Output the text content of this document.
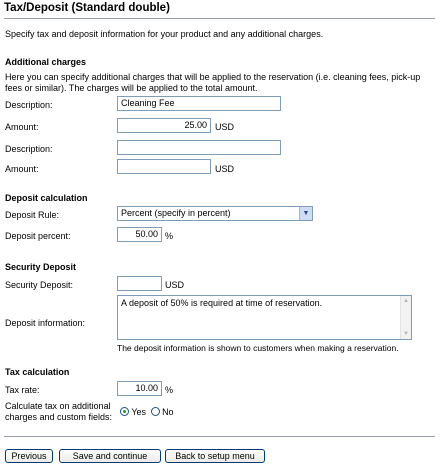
Tax/Deposit (Standard double)
Specify tax and deposit information for your product and any additional charges.
Additional charges
Here you can specify additional charges that will be applied to the reservation (i.e. cleaning fees, pick-up fees or similar). The charges will be applied to the total amount.
Description:	Cleaning Fee
Amount:	25.00 USD
Description:
Amount:	USD
Deposit calculation
Deposit Rule:	Percent (specify in percent)	▼
Deposit percent:	50.00 %
Security Deposit
Security Deposit:	USD
Deposit information:
A deposit of 50% is required at time of reservation.	▲
▼
The deposit information is shown to customers when making a reservation.
Tax calculation
Tax rate:	10.00 %
Calculate tax on additional charges and custom fields:	Yes No
Previous	Save and continue	Back to setup menu
